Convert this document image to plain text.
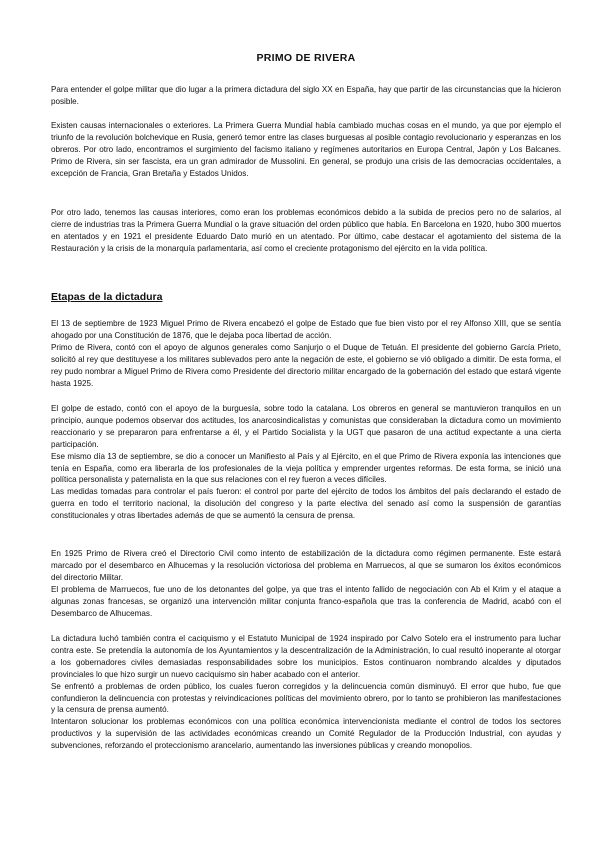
PRIMO DE RIVERA

Para entender el golpe militar que dio lugar a la primera dictadura del siglo XX en España, hay que partir de las circunstancias que la hicieron posible.

Existen causas internacionales o exteriores. La Primera Guerra Mundial había cambiado muchas cosas en el mundo, ya que por ejemplo el triunfo de la revolución bolchevique en Rusia, generó temor entre las clases burguesas al posible contagio revolucionario y esperanzas en los obreros. Por otro lado, encontramos el surgimiento del facismo italiano y regímenes autoritarios en Europa Central, Japón y Los Balcanes. Primo de Rivera, sin ser fascista, era un gran admirador de Mussolini. En general, se produjo una crisis de las democracias occidentales, a excepción de Francia, Gran Bretaña y Estados Unidos.

Por otro lado, tenemos las causas interiores, como eran los problemas económicos debido a la subida de precios pero no de salarios, al cierre de industrias tras la Primera Guerra Mundial o la grave situación del orden público que había. En Barcelona en 1920, hubo 300 muertos en atentados y en 1921 el presidente Eduardo Dato murió en un atentado. Por último, cabe destacar el agotamiento del sistema de la Restauración y la crisis de la monarquía parlamentaria, así como el creciente protagonismo del ejército en la vida política.

Etapas de la dictadura

El 13 de septiembre de 1923 Miguel Primo de Rivera encabezó el golpe de Estado que fue bien visto por el rey Alfonso XIII, que se sentía ahogado por una Constitución de 1876, que le dejaba poca libertad de acción.
Primo de Rivera, contó con el apoyo de algunos generales como Sanjurjo o el Duque de Tetuán. El presidente del gobierno García Prieto, solicitó al rey que destituyese a los militares sublevados pero ante la negación de este, el gobierno se vió obligado a dimitir. De esta forma, el rey pudo nombrar a Miguel Primo de Rivera como Presidente del directorio militar encargado de la gobernación del estado que estará vigente hasta 1925.

El golpe de estado, contó con el apoyo de la burguesía, sobre todo la catalana. Los obreros en general se mantuvieron tranquilos en un principio, aunque podemos observar dos actitudes, los anarcosindicalistas y comunistas que consideraban la dictadura como un movimiento reaccionario y se prepararon para enfrentarse a él, y el Partido Socialista y la UGT que pasaron de una actitud expectante a una cierta participación.
Ese mismo día 13 de septiembre, se dio a conocer un Manifiesto al País y al Ejército, en el que Primo de Rivera exponía las intenciones que tenía en España, como era liberarla de los profesionales de la vieja política y emprender urgentes reformas. De esta forma, se inició una política personalista y paternalista en la que sus relaciones con el rey fueron a veces difíciles.
Las medidas tomadas para controlar el país fueron: el control por parte del ejército de todos los ámbitos del país declarando el estado de guerra en todo el territorio nacional, la disolución del congreso y la parte electiva del senado así como la suspensión de garantías constitucionales y otras libertades además de que se aumentó la censura de prensa.

En 1925 Primo de Rivera creó el Directorio Civil como intento de estabilización de la dictadura como régimen permanente. Este estará marcado por el desembarco en Alhucemas y la resolución victoriosa del problema en Marruecos, al que se sumaron los éxitos económicos del directorio Militar.
El problema de Marruecos, fue uno de los detonantes del golpe, ya que tras el intento fallido de negociación con Ab el Krim y el ataque a algunas zonas francesas, se organizó una intervención militar conjunta franco-española que tras la conferencia de Madrid, acabó con el Desembarco de Alhucemas.

La dictadura luchó también contra el caciquismo y el Estatuto Municipal de 1924 inspirado por Calvo Sotelo era el instrumento para luchar contra este. Se pretendía la autonomía de los Ayuntamientos y la descentralización de la Administración, lo cual resultó inoperante al otorgar a los gobernadores civiles demasiadas responsabilidades sobre los municipios. Estos continuaron nombrando alcaldes y diputados provinciales lo que hizo surgir un nuevo caciquismo sin haber acabado con el anterior.
Se enfrentó a problemas de orden público, los cuales fueron corregidos y la delincuencia común disminuyó. El error que hubo, fue que confundieron la delincuencia con protestas y reivindicaciones políticas del movimiento obrero, por lo tanto se prohibieron las manifestaciones y la censura de prensa aumentó.
Intentaron solucionar los problemas económicos con una política económica intervencionista mediante el control de todos los sectores productivos y la supervisión de las actividades económicas creando un Comité Regulador de la Producción Industrial, con ayudas y subvenciones, reforzando el proteccionismo arancelario, aumentando las inversiones públicas y creando monopolios.
